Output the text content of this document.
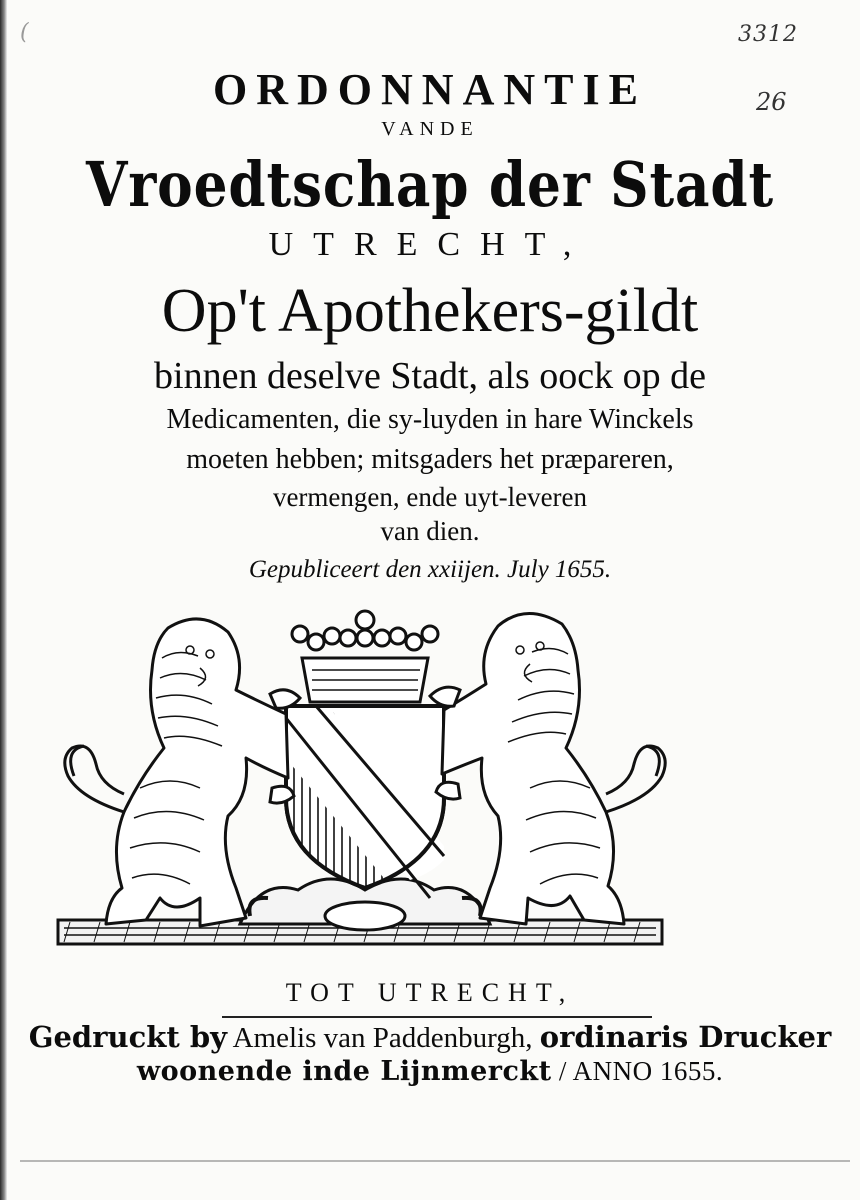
(	3312
26
ORDONNANTIE
VANDE
Vroedtschap der Stadt
UTRECHT,
Op't Apothekers-gildt
binnen deselve Stadt, als oock op de
Medicamenten, die sy-luyden in hare Winckels
moeten hebben; mitsgaders het præpareren,
vermengen, ende uyt-leveren
van dien.
Gepubliceert den xxiijen. July 1655.
TOT UTRECHT,
Gedruckt by Amelis van Paddenburgh, ordinaris Drucker
woonende inde Lijnmerckt / ANNO 1655.
